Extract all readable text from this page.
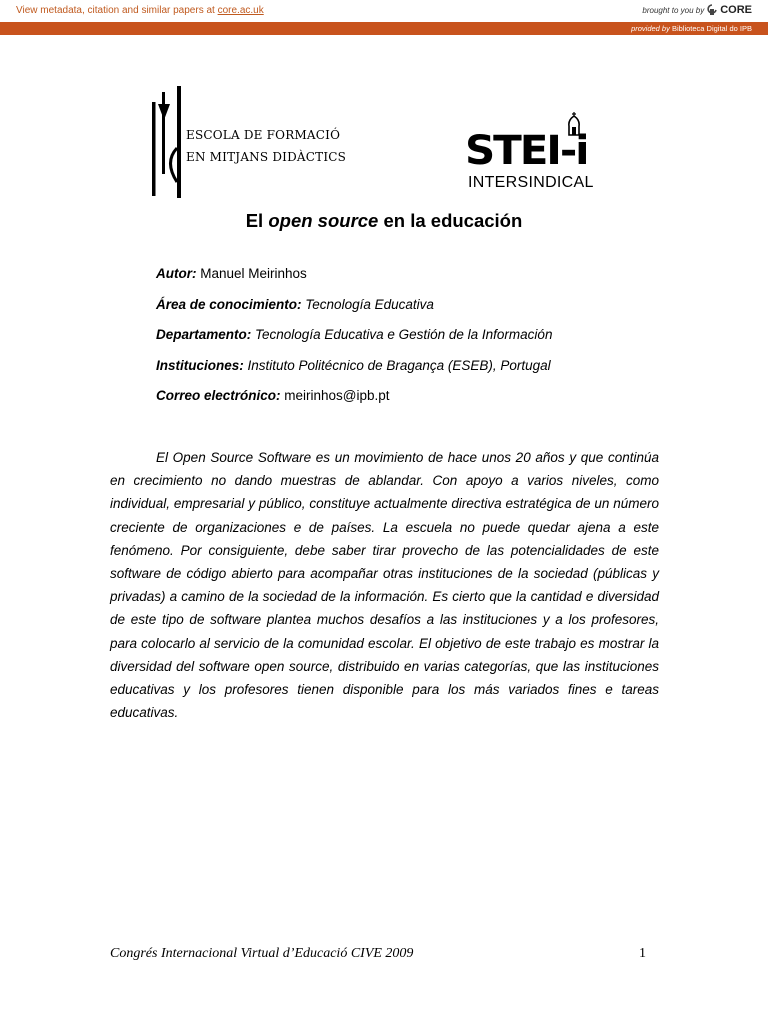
View metadata, citation and similar papers at core.ac.uk	brought to you by CORE
provided by Biblioteca Digital do IPB
ESCOLA DE FORMACIÓ
EN MITJANS DIDÀCTICS	STEI-i
INTERSINDICAL
El open source en la educación
Autor: Manuel Meirinhos
Área de conocimiento: Tecnología Educativa
Departamento: Tecnología Educativa e Gestión de la Información
Instituciones: Instituto Politécnico de Bragança (ESEB), Portugal
Correo electrónico: meirinhos@ipb.pt

El Open Source Software es un movimiento de hace unos 20 años y que continúa en crecimiento no dando muestras de ablandar. Con apoyo a varios niveles, como individual, empresarial y público, constituye actualmente directiva estratégica de un número creciente de organizaciones e de países. La escuela no puede quedar ajena a este fenómeno. Por consiguiente, debe saber tirar provecho de las potencialidades de este software de código abierto para acompañar otras instituciones de la sociedad (públicas y privadas) a camino de la sociedad de la información. Es cierto que la cantidad e diversidad de este tipo de software plantea muchos desafíos a las instituciones y a los profesores, para colocarlo al servicio de la comunidad escolar. El objetivo de este trabajo es mostrar la diversidad del software open source, distribuido en varias categorías, que las instituciones educativas y los profesores tienen disponible para los más variados fines e tareas educativas.

Congrés Internacional Virtual d’Educació CIVE 2009	1
